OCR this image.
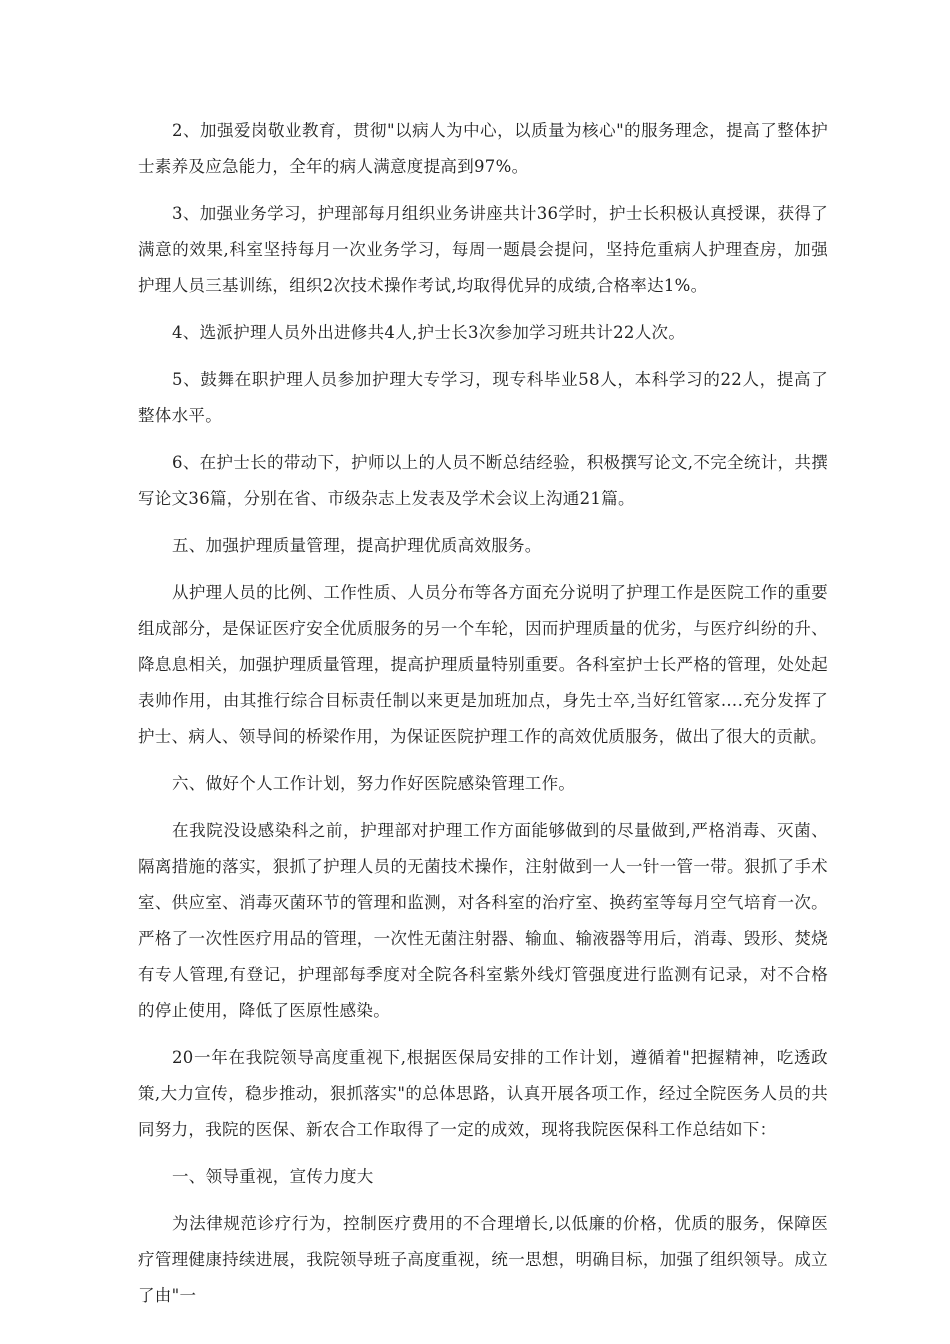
2、加强爱岗敬业教育，贯彻"以病人为中心，以质量为核心"的服务理念，提高了整体护士素养及应急能力，全年的病人满意度提高到97%。

3、加强业务学习，护理部每月组织业务讲座共计36学时，护士长积极认真授课，获得了满意的效果,科室坚持每月一次业务学习，每周一题晨会提问，坚持危重病人护理查房，加强护理人员三基训练，组织2次技术操作考试,均取得优异的成绩,合格率达1%。

4、选派护理人员外出进修共4人,护士长3次参加学习班共计22人次。

5、鼓舞在职护理人员参加护理大专学习，现专科毕业58人，本科学习的22人，提高了整体水平。

6、在护士长的带动下，护师以上的人员不断总结经验，积极撰写论文,不完全统计，共撰写论文36篇，分别在省、市级杂志上发表及学术会议上沟通21篇。

五、加强护理质量管理，提高护理优质高效服务。

从护理人员的比例、工作性质、人员分布等各方面充分说明了护理工作是医院工作的重要组成部分，是保证医疗安全优质服务的另一个车轮，因而护理质量的优劣，与医疗纠纷的升、降息息相关，加强护理质量管理，提高护理质量特别重要。各科室护士长严格的管理，处处起表帅作用，由其推行综合目标责任制以来更是加班加点，身先士卒,当好红管家….充分发挥了护士、病人、领导间的桥梁作用，为保证医院护理工作的高效优质服务，做出了很大的贡献。

六、做好个人工作计划，努力作好医院感染管理工作。

在我院没设感染科之前，护理部对护理工作方面能够做到的尽量做到,严格消毒、灭菌、隔离措施的落实，狠抓了护理人员的无菌技术操作，注射做到一人一针一管一带。狠抓了手术室、供应室、消毒灭菌环节的管理和监测，对各科室的治疗室、换药室等每月空气培育一次。严格了一次性医疗用品的管理，一次性无菌注射器、输血、输液器等用后，消毒、毁形、焚烧有专人管理,有登记，护理部每季度对全院各科室紫外线灯管强度进行监测有记录，对不合格的停止使用，降低了医原性感染。

20一年在我院领导高度重视下,根据医保局安排的工作计划，遵循着"把握精神，吃透政策,大力宣传，稳步推动，狠抓落实"的总体思路，认真开展各项工作，经过全院医务人员的共同努力，我院的医保、新农合工作取得了一定的成效，现将我院医保科工作总结如下：

一、领导重视，宣传力度大

为法律规范诊疗行为，控制医疗费用的不合理增长,以低廉的价格，优质的服务，保障医疗管理健康持续进展，我院领导班子高度重视，统一思想，明确目标，加强了组织领导。成立了由"一
